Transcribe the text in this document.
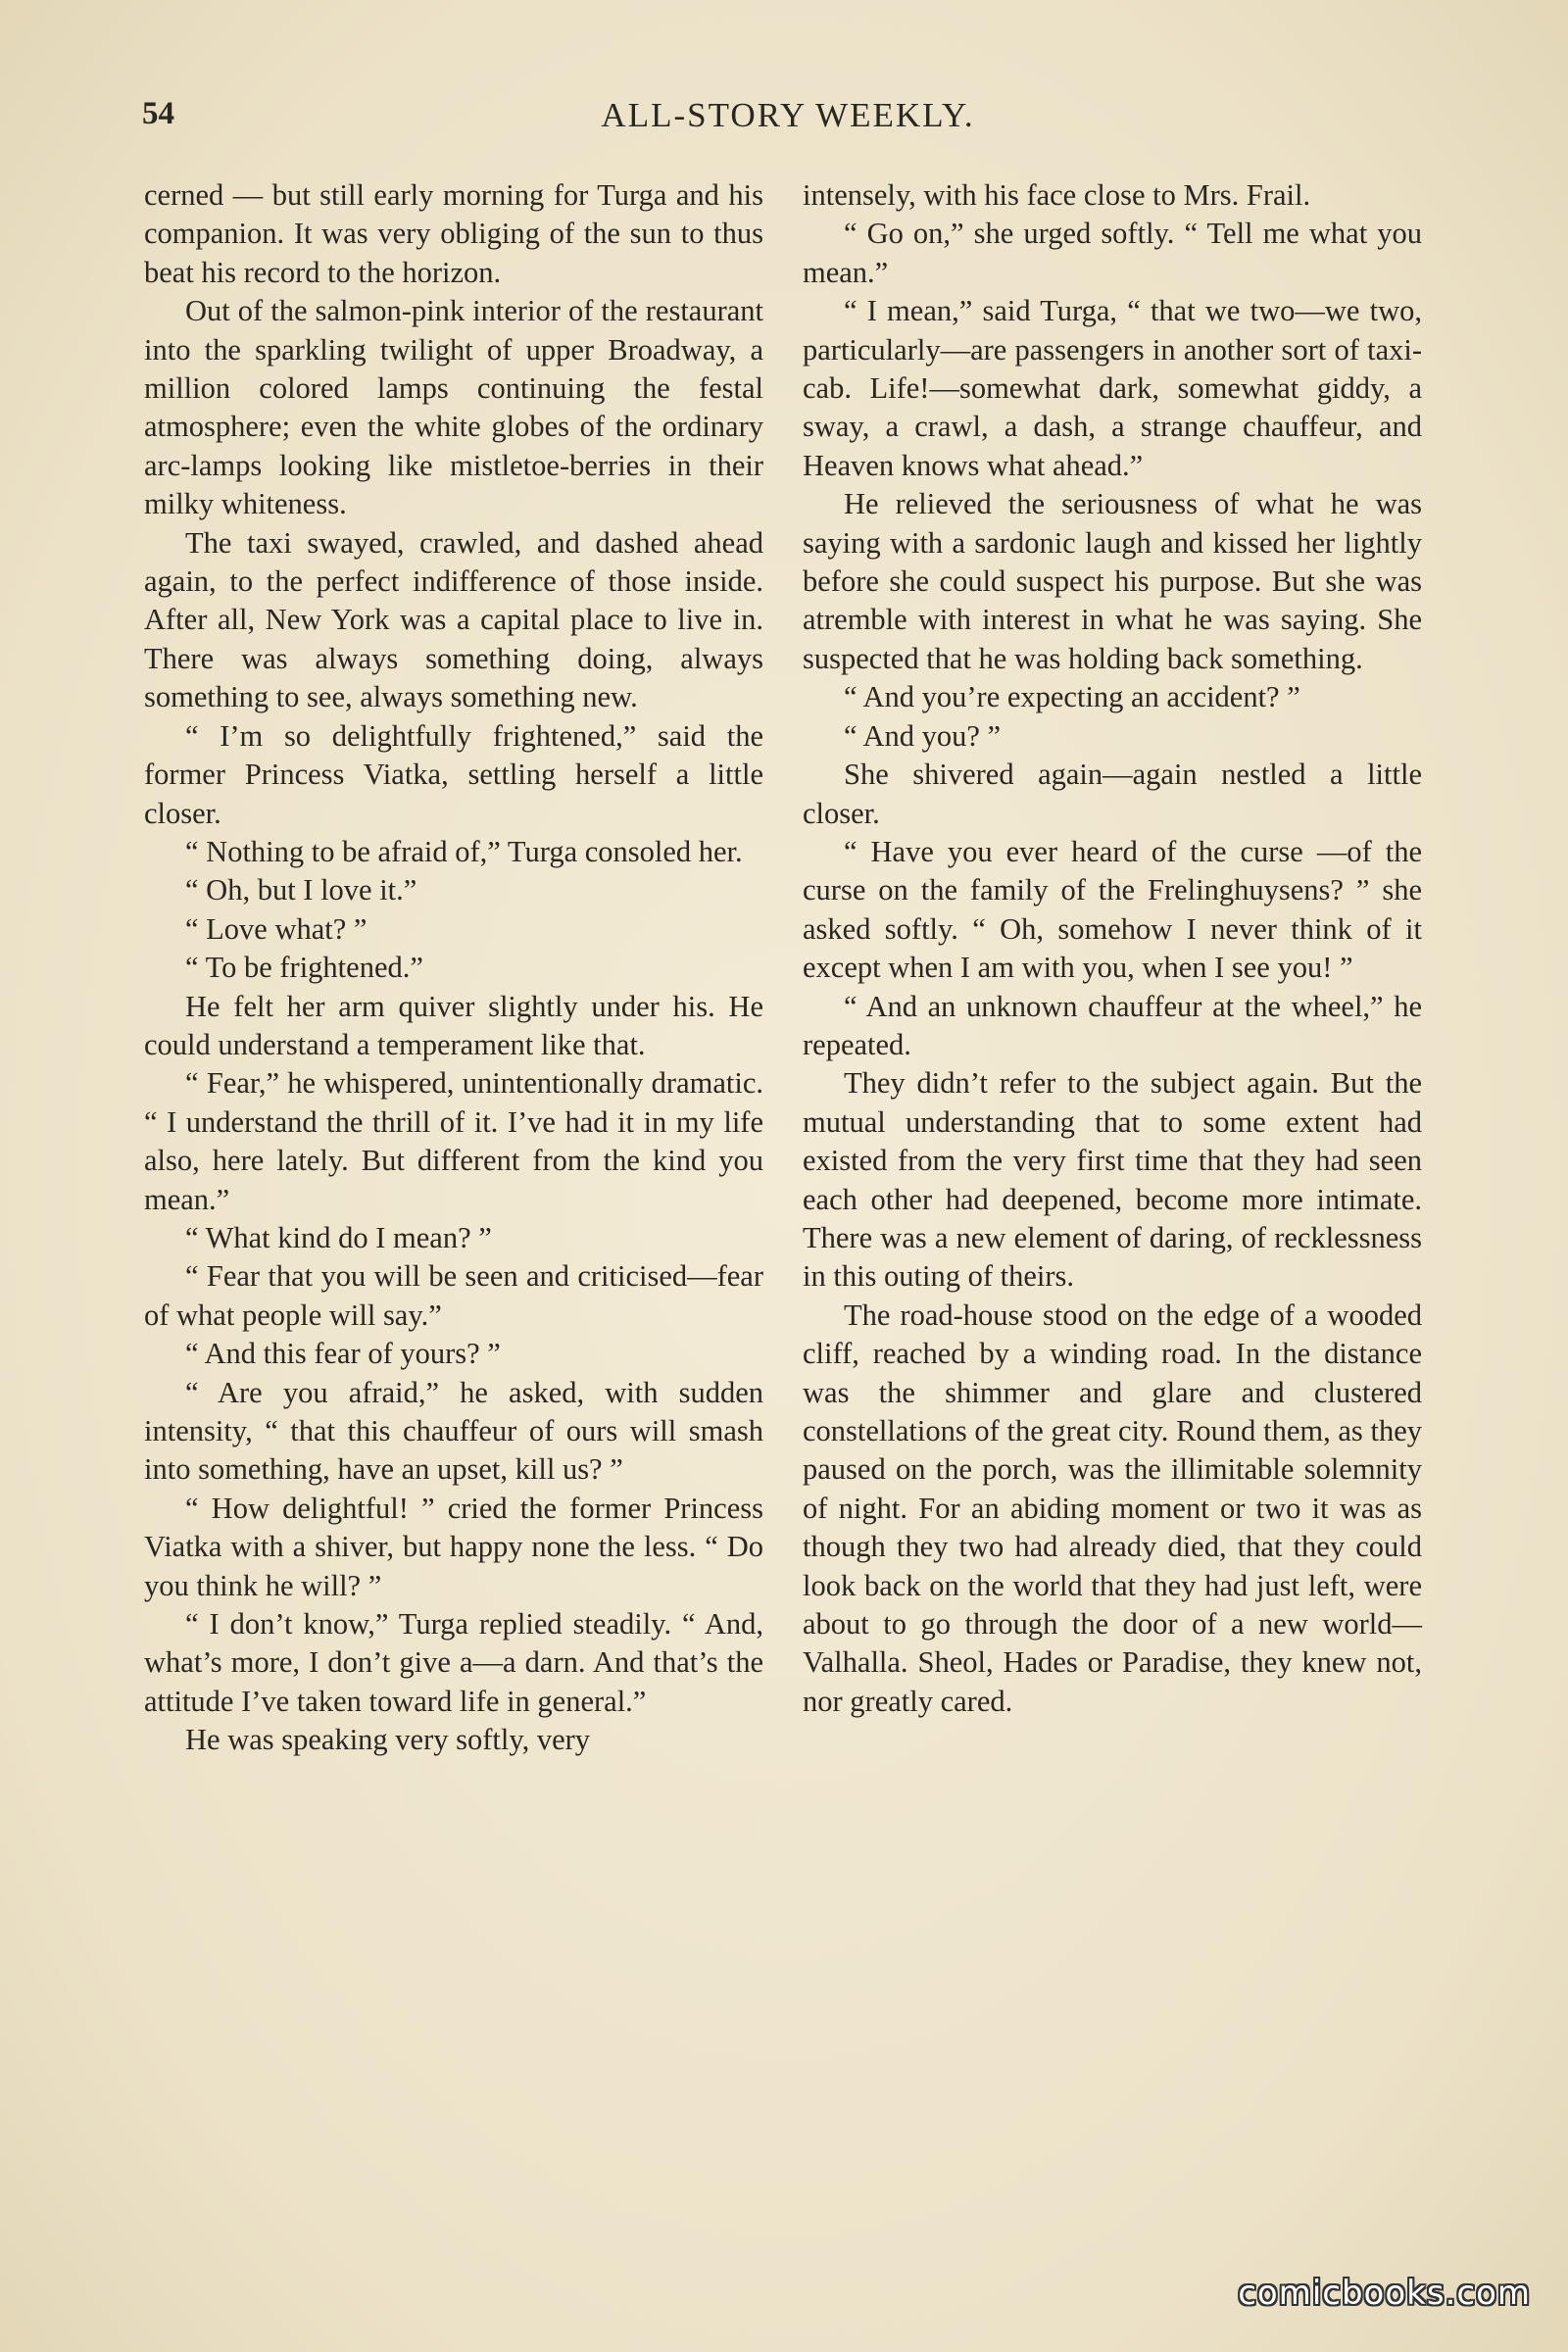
54	ALL-STORY WEEKLY.

cerned — but still early morning for Turga and his companion. It was very obliging of the sun to thus beat his record to the horizon.

Out of the salmon-pink interior of the restaurant into the sparkling twilight of upper Broadway, a million colored lamps continuing the festal atmosphere; even the white globes of the ordinary arc-lamps looking like mistletoe-berries in their milky whiteness.

The taxi swayed, crawled, and dashed ahead again, to the perfect indifference of those inside. After all, New York was a capital place to live in. There was always something doing, always something to see, always something new.

“ I’m so delightfully frightened,” said the former Princess Viatka, settling herself a little closer.

“ Nothing to be afraid of,” Turga consoled her.

“ Oh, but I love it.”

“ Love what? ”

“ To be frightened.”

He felt her arm quiver slightly under his. He could understand a temperament like that.

“ Fear,” he whispered, unintentionally dramatic. “ I understand the thrill of it. I’ve had it in my life also, here lately. But different from the kind you mean.”

“ What kind do I mean? ”

“ Fear that you will be seen and criticised—fear of what people will say.”

“ And this fear of yours? ”

“ Are you afraid,” he asked, with sudden intensity, “ that this chauffeur of ours will smash into something, have an upset, kill us? ”

“ How delightful! ” cried the former Princess Viatka with a shiver, but happy none the less. “ Do you think he will? ”

“ I don’t know,” Turga replied steadily. “ And, what’s more, I don’t give a—a darn. And that’s the attitude I’ve taken toward life in general.”

He was speaking very softly, very

intensely, with his face close to Mrs. Frail.

“ Go on,” she urged softly. “ Tell me what you mean.”

“ I mean,” said Turga, “ that we two—we two, particularly—are passengers in another sort of taxi-cab. Life!—somewhat dark, somewhat giddy, a sway, a crawl, a dash, a strange chauffeur, and Heaven knows what ahead.”

He relieved the seriousness of what he was saying with a sardonic laugh and kissed her lightly before she could suspect his purpose. But she was atremble with interest in what he was saying. She suspected that he was holding back something.

“ And you’re expecting an accident? ”

“ And you? ”

She shivered again—again nestled a little closer.

“ Have you ever heard of the curse —of the curse on the family of the Frelinghuysens? ” she asked softly. “ Oh, somehow I never think of it except when I am with you, when I see you! ”

“ And an unknown chauffeur at the wheel,” he repeated.

They didn’t refer to the subject again. But the mutual understanding that to some extent had existed from the very first time that they had seen each other had deepened, become more intimate. There was a new element of daring, of recklessness in this outing of theirs.

The road-house stood on the edge of a wooded cliff, reached by a winding road. In the distance was the shimmer and glare and clustered constellations of the great city. Round them, as they paused on the porch, was the illimitable solemnity of night. For an abiding moment or two it was as though they two had already died, that they could look back on the world that they had just left, were about to go through the door of a new world—Valhalla. Sheol, Hades or Paradise, they knew not, nor greatly cared.

comicbooks.com
